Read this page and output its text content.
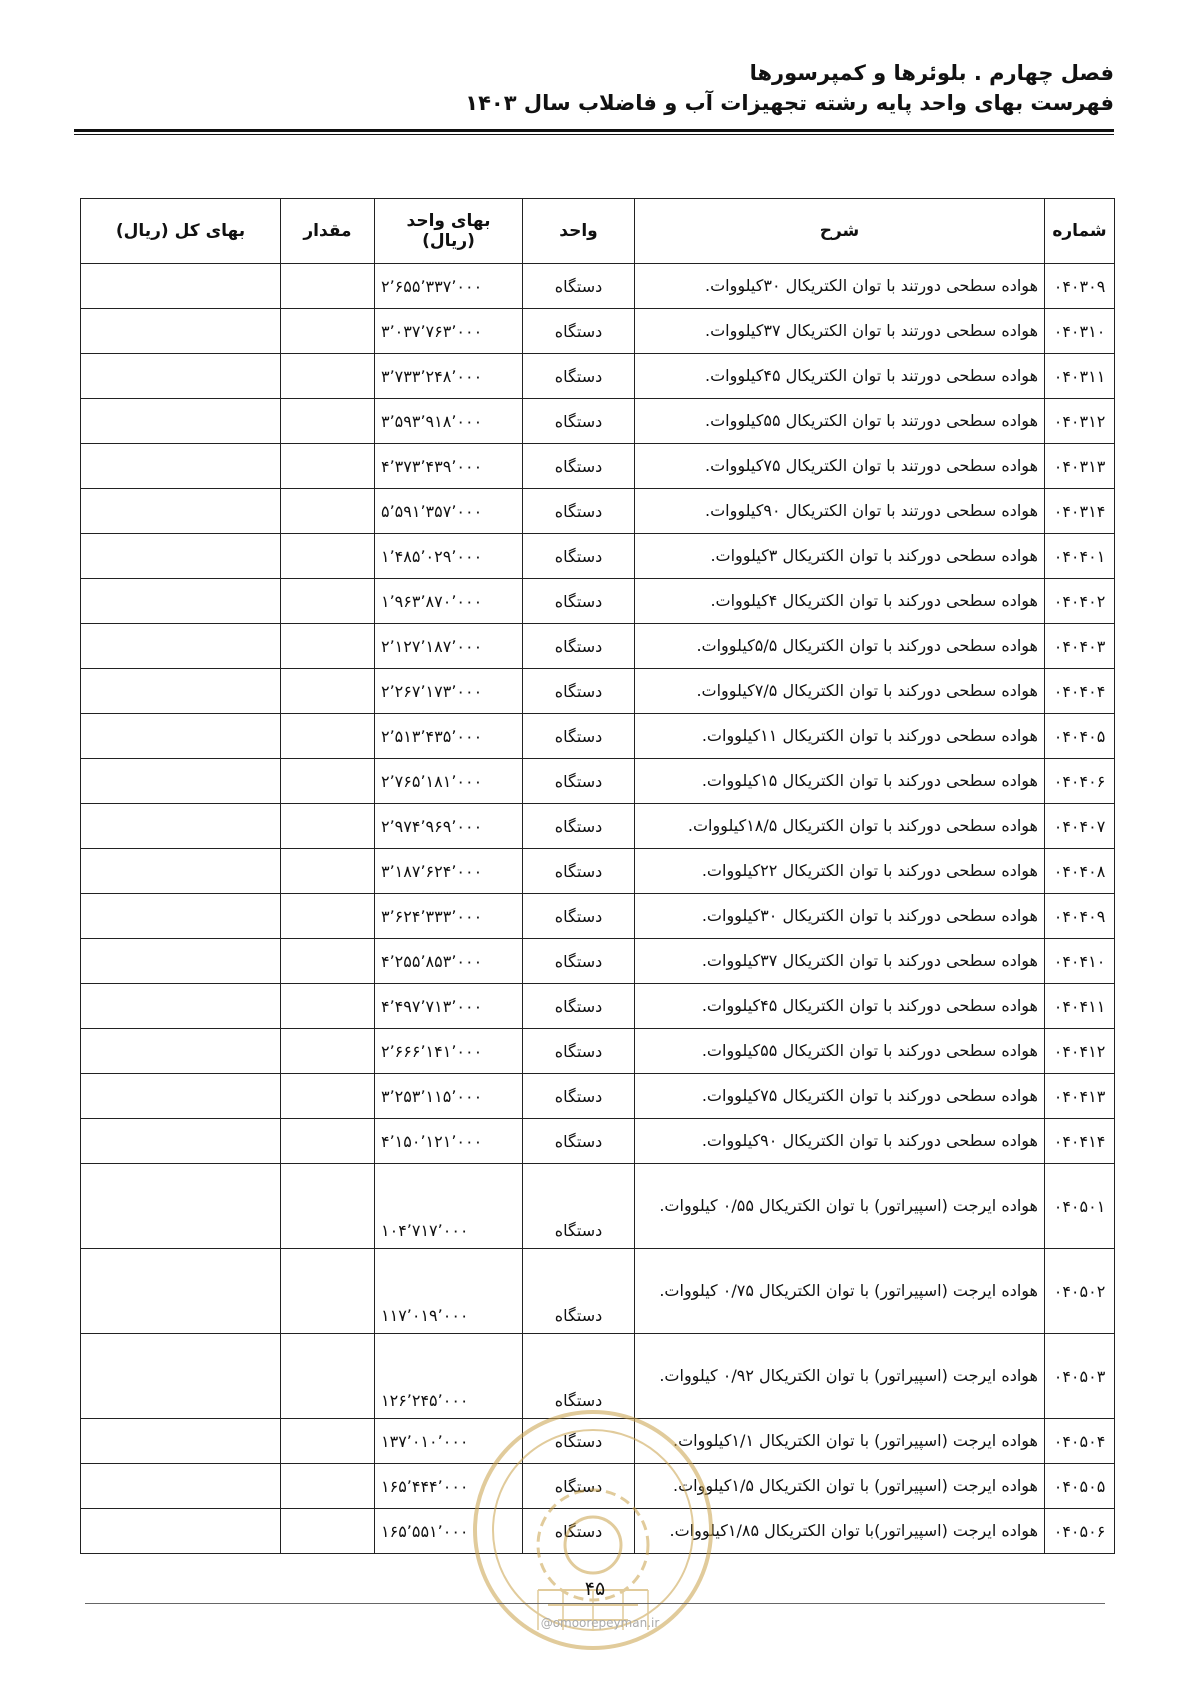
فصل چهارم . بلوئرها و کمپرسورها
فهرست بهای واحد پایه رشته تجهیزات آب و فاضلاب سال ۱۴۰۳
شماره	شرح	واحد	بهای واحد (ریال)	مقدار	بهای کل (ریال)
۰۴۰۳۰۹	هواده سطحی دورتند با توان الکتریکال ۳۰کیلووات.	دستگاه	۲٬۶۵۵٬۳۳۷٬۰۰۰		
۰۴۰۳۱۰	هواده سطحی دورتند با توان الکتریکال ۳۷کیلووات.	دستگاه	۳٬۰۳۷٬۷۶۳٬۰۰۰		
۰۴۰۳۱۱	هواده سطحی دورتند با توان الکتریکال ۴۵کیلووات.	دستگاه	۳٬۷۳۳٬۲۴۸٬۰۰۰		
۰۴۰۳۱۲	هواده سطحی دورتند با توان الکتریکال ۵۵کیلووات.	دستگاه	۳٬۵۹۳٬۹۱۸٬۰۰۰		
۰۴۰۳۱۳	هواده سطحی دورتند با توان الکتریکال ۷۵کیلووات.	دستگاه	۴٬۳۷۳٬۴۳۹٬۰۰۰		
۰۴۰۳۱۴	هواده سطحی دورتند با توان الکتریکال ۹۰کیلووات.	دستگاه	۵٬۵۹۱٬۳۵۷٬۰۰۰		
۰۴۰۴۰۱	هواده سطحی دورکند با توان الکتریکال ۳کیلووات.	دستگاه	۱٬۴۸۵٬۰۲۹٬۰۰۰		
۰۴۰۴۰۲	هواده سطحی دورکند با توان الکتریکال ۴کیلووات.	دستگاه	۱٬۹۶۳٬۸۷۰٬۰۰۰		
۰۴۰۴۰۳	هواده سطحی دورکند با توان الکتریکال ۵/۵کیلووات.	دستگاه	۲٬۱۲۷٬۱۸۷٬۰۰۰		
۰۴۰۴۰۴	هواده سطحی دورکند با توان الکتریکال ۷/۵کیلووات.	دستگاه	۲٬۲۶۷٬۱۷۳٬۰۰۰		
۰۴۰۴۰۵	هواده سطحی دورکند با توان الکتریکال ۱۱کیلووات.	دستگاه	۲٬۵۱۳٬۴۳۵٬۰۰۰		
۰۴۰۴۰۶	هواده سطحی دورکند با توان الکتریکال ۱۵کیلووات.	دستگاه	۲٬۷۶۵٬۱۸۱٬۰۰۰		
۰۴۰۴۰۷	هواده سطحی دورکند با توان الکتریکال ۱۸/۵کیلووات.	دستگاه	۲٬۹۷۴٬۹۶۹٬۰۰۰		
۰۴۰۴۰۸	هواده سطحی دورکند با توان الکتریکال ۲۲کیلووات.	دستگاه	۳٬۱۸۷٬۶۲۴٬۰۰۰		
۰۴۰۴۰۹	هواده سطحی دورکند با توان الکتریکال ۳۰کیلووات.	دستگاه	۳٬۶۲۴٬۳۳۳٬۰۰۰		
۰۴۰۴۱۰	هواده سطحی دورکند با توان الکتریکال ۳۷کیلووات.	دستگاه	۴٬۲۵۵٬۸۵۳٬۰۰۰		
۰۴۰۴۱۱	هواده سطحی دورکند با توان الکتریکال ۴۵کیلووات.	دستگاه	۴٬۴۹۷٬۷۱۳٬۰۰۰		
۰۴۰۴۱۲	هواده سطحی دورکند با توان الکتریکال ۵۵کیلووات.	دستگاه	۲٬۶۶۶٬۱۴۱٬۰۰۰		
۰۴۰۴۱۳	هواده سطحی دورکند با توان الکتریکال ۷۵کیلووات.	دستگاه	۳٬۲۵۳٬۱۱۵٬۰۰۰		
۰۴۰۴۱۴	هواده سطحی دورکند با توان الکتریکال ۹۰کیلووات.	دستگاه	۴٬۱۵۰٬۱۲۱٬۰۰۰		
۰۴۰۵۰۱	هواده ایرجت (اسپیراتور) با توان الکتریکال ۰/۵۵ کیلووات.	دستگاه	۱۰۴٬۷۱۷٬۰۰۰		
۰۴۰۵۰۲	هواده ایرجت (اسپیراتور) با توان الکتریکال ۰/۷۵ کیلووات.	دستگاه	۱۱۷٬۰۱۹٬۰۰۰		
۰۴۰۵۰۳	هواده ایرجت (اسپیراتور) با توان الکتریکال ۰/۹۲ کیلووات.	دستگاه	۱۲۶٬۲۴۵٬۰۰۰		
۰۴۰۵۰۴	هواده ایرجت (اسپیراتور) با توان الکتریکال ۱/۱کیلووات.	دستگاه	۱۳۷٬۰۱۰٬۰۰۰		
۰۴۰۵۰۵	هواده ایرجت (اسپیراتور) با توان الکتریکال ۱/۵کیلووات.	دستگاه	۱۶۵٬۴۴۴٬۰۰۰		
۰۴۰۵۰۶	هواده ایرجت (اسپیراتور)با توان الکتریکال ۱/۸۵کیلووات.	دستگاه	۱۶۵٬۵۵۱٬۰۰۰		
۴۵
@omoorepeyman.ir
